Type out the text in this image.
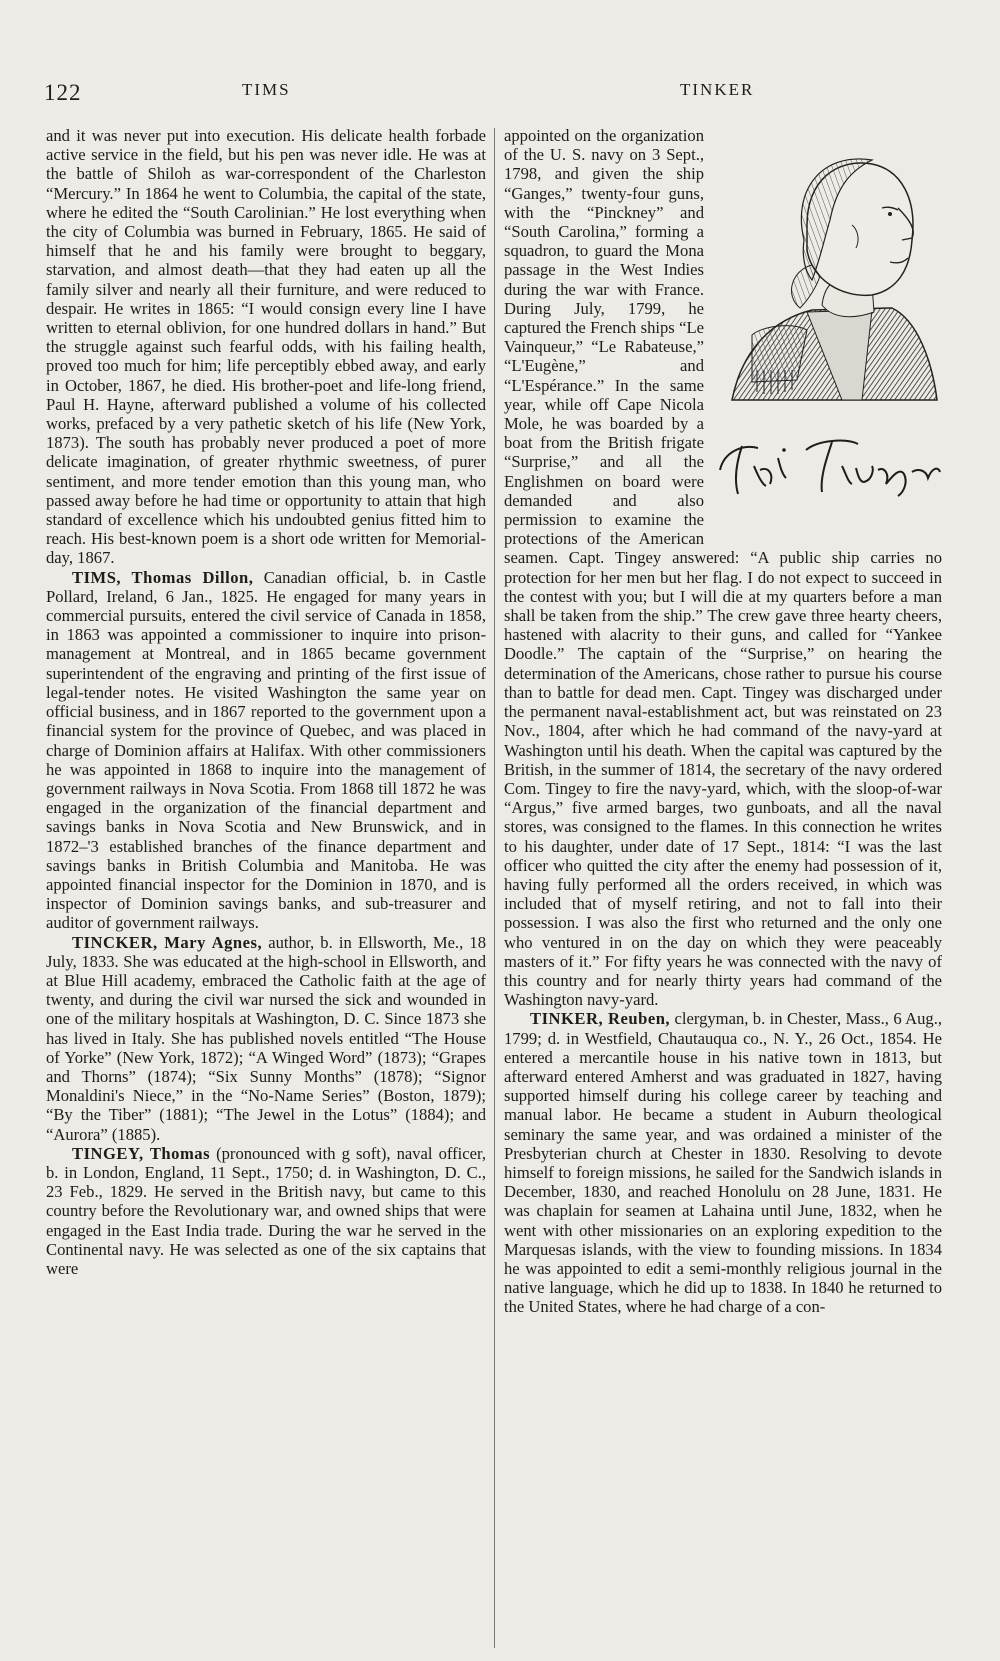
122	TIMS	TINKER

and it was never put into execution. His delicate health forbade active service in the field, but his pen was never idle. He was at the battle of Shiloh as war-correspondent of the Charleston “Mercury.” In 1864 he went to Columbia, the capital of the state, where he edited the “South Carolinian.” He lost everything when the city of Columbia was burned in February, 1865. He said of himself that he and his family were brought to beggary, starvation, and almost death—that they had eaten up all the family silver and nearly all their furniture, and were reduced to despair. He writes in 1865: “I would consign every line I have written to eternal oblivion, for one hundred dollars in hand.” But the struggle against such fearful odds, with his failing health, proved too much for him; life perceptibly ebbed away, and early in October, 1867, he died. His brother-poet and life-long friend, Paul H. Hayne, afterward published a volume of his collected works, prefaced by a very pathetic sketch of his life (New York, 1873). The south has probably never produced a poet of more delicate imagination, of greater rhythmic sweetness, of purer sentiment, and more tender emotion than this young man, who passed away before he had time or opportunity to attain that high standard of excellence which his undoubted genius fitted him to reach. His best-known poem is a short ode written for Memorial-day, 1867.

TIMS, Thomas Dillon, Canadian official, b. in Castle Pollard, Ireland, 6 Jan., 1825. He engaged for many years in commercial pursuits, entered the civil service of Canada in 1858, in 1863 was appointed a commissioner to inquire into prison-management at Montreal, and in 1865 became government superintendent of the engraving and printing of the first issue of legal-tender notes. He visited Washington the same year on official business, and in 1867 reported to the government upon a financial system for the province of Quebec, and was placed in charge of Dominion affairs at Halifax. With other commissioners he was appointed in 1868 to inquire into the management of government railways in Nova Scotia. From 1868 till 1872 he was engaged in the organization of the financial department and savings banks in Nova Scotia and New Brunswick, and in 1872–'3 established branches of the finance department and savings banks in British Columbia and Manitoba. He was appointed financial inspector for the Dominion in 1870, and is inspector of Dominion savings banks, and sub-treasurer and auditor of government railways.

TINCKER, Mary Agnes, author, b. in Ellsworth, Me., 18 July, 1833. She was educated at the high-school in Ellsworth, and at Blue Hill academy, embraced the Catholic faith at the age of twenty, and during the civil war nursed the sick and wounded in one of the military hospitals at Washington, D. C. Since 1873 she has lived in Italy. She has published novels entitled “The House of Yorke” (New York, 1872); “A Winged Word” (1873); “Grapes and Thorns” (1874); “Six Sunny Months” (1878); “Signor Monaldini's Niece,” in the “No-Name Series” (Boston, 1879); “By the Tiber” (1881); “The Jewel in the Lotus” (1884); and “Aurora” (1885).

TINGEY, Thomas (pronounced with g soft), naval officer, b. in London, England, 11 Sept., 1750; d. in Washington, D. C., 23 Feb., 1829. He served in the British navy, but came to this country before the Revolutionary war, and owned ships that were engaged in the East India trade. During the war he served in the Continental navy. He was selected as one of the six captains that were

appointed on the organization of the U. S. navy on 3 Sept., 1798, and given the ship “Ganges,” twenty-four guns, with the “Pinckney” and “South Carolina,” forming a squadron, to guard the Mona passage in the West Indies during the war with France. During July, 1799, he captured the French ships “Le Vainqueur,” “Le Rabateuse,” “L'Eugène,” and “L'Espérance.” In the same year, while off Cape Nicola Mole, he was boarded by a boat from the British frigate “Surprise,” and all the Englishmen on board were demanded and also permission to examine the protections of the American seamen. Capt. Tingey answered: “A public ship carries no protection for her men but her flag. I do not expect to succeed in the contest with you; but I will die at my quarters before a man shall be taken from the ship.” The crew gave three hearty cheers, hastened with alacrity to their guns, and called for “Yankee Doodle.” The captain of the “Surprise,” on hearing the determination of the Americans, chose rather to pursue his course than to battle for dead men. Capt. Tingey was discharged under the permanent naval-establishment act, but was reinstated on 23 Nov., 1804, after which he had command of the navy-yard at Washington until his death. When the capital was captured by the British, in the summer of 1814, the secretary of the navy ordered Com. Tingey to fire the navy-yard, which, with the sloop-of-war “Argus,” five armed barges, two gunboats, and all the naval stores, was consigned to the flames. In this connection he writes to his daughter, under date of 17 Sept., 1814: “I was the last officer who quitted the city after the enemy had possession of it, having fully performed all the orders received, in which was included that of myself retiring, and not to fall into their possession. I was also the first who returned and the only one who ventured in on the day on which they were peaceably masters of it.” For fifty years he was connected with the navy of this country and for nearly thirty years had command of the Washington navy-yard.

TINKER, Reuben, clergyman, b. in Chester, Mass., 6 Aug., 1799; d. in Westfield, Chautauqua co., N. Y., 26 Oct., 1854. He entered a mercantile house in his native town in 1813, but afterward entered Amherst and was graduated in 1827, having supported himself during his college career by teaching and manual labor. He became a student in Auburn theological seminary the same year, and was ordained a minister of the Presbyterian church at Chester in 1830. Resolving to devote himself to foreign missions, he sailed for the Sandwich islands in December, 1830, and reached Honolulu on 28 June, 1831. He was chaplain for seamen at Lahaina until June, 1832, when he went with other missionaries on an exploring expedition to the Marquesas islands, with the view to founding missions. In 1834 he was appointed to edit a semi-monthly religious journal in the native language, which he did up to 1838. In 1840 he returned to the United States, where he had charge of a con-
